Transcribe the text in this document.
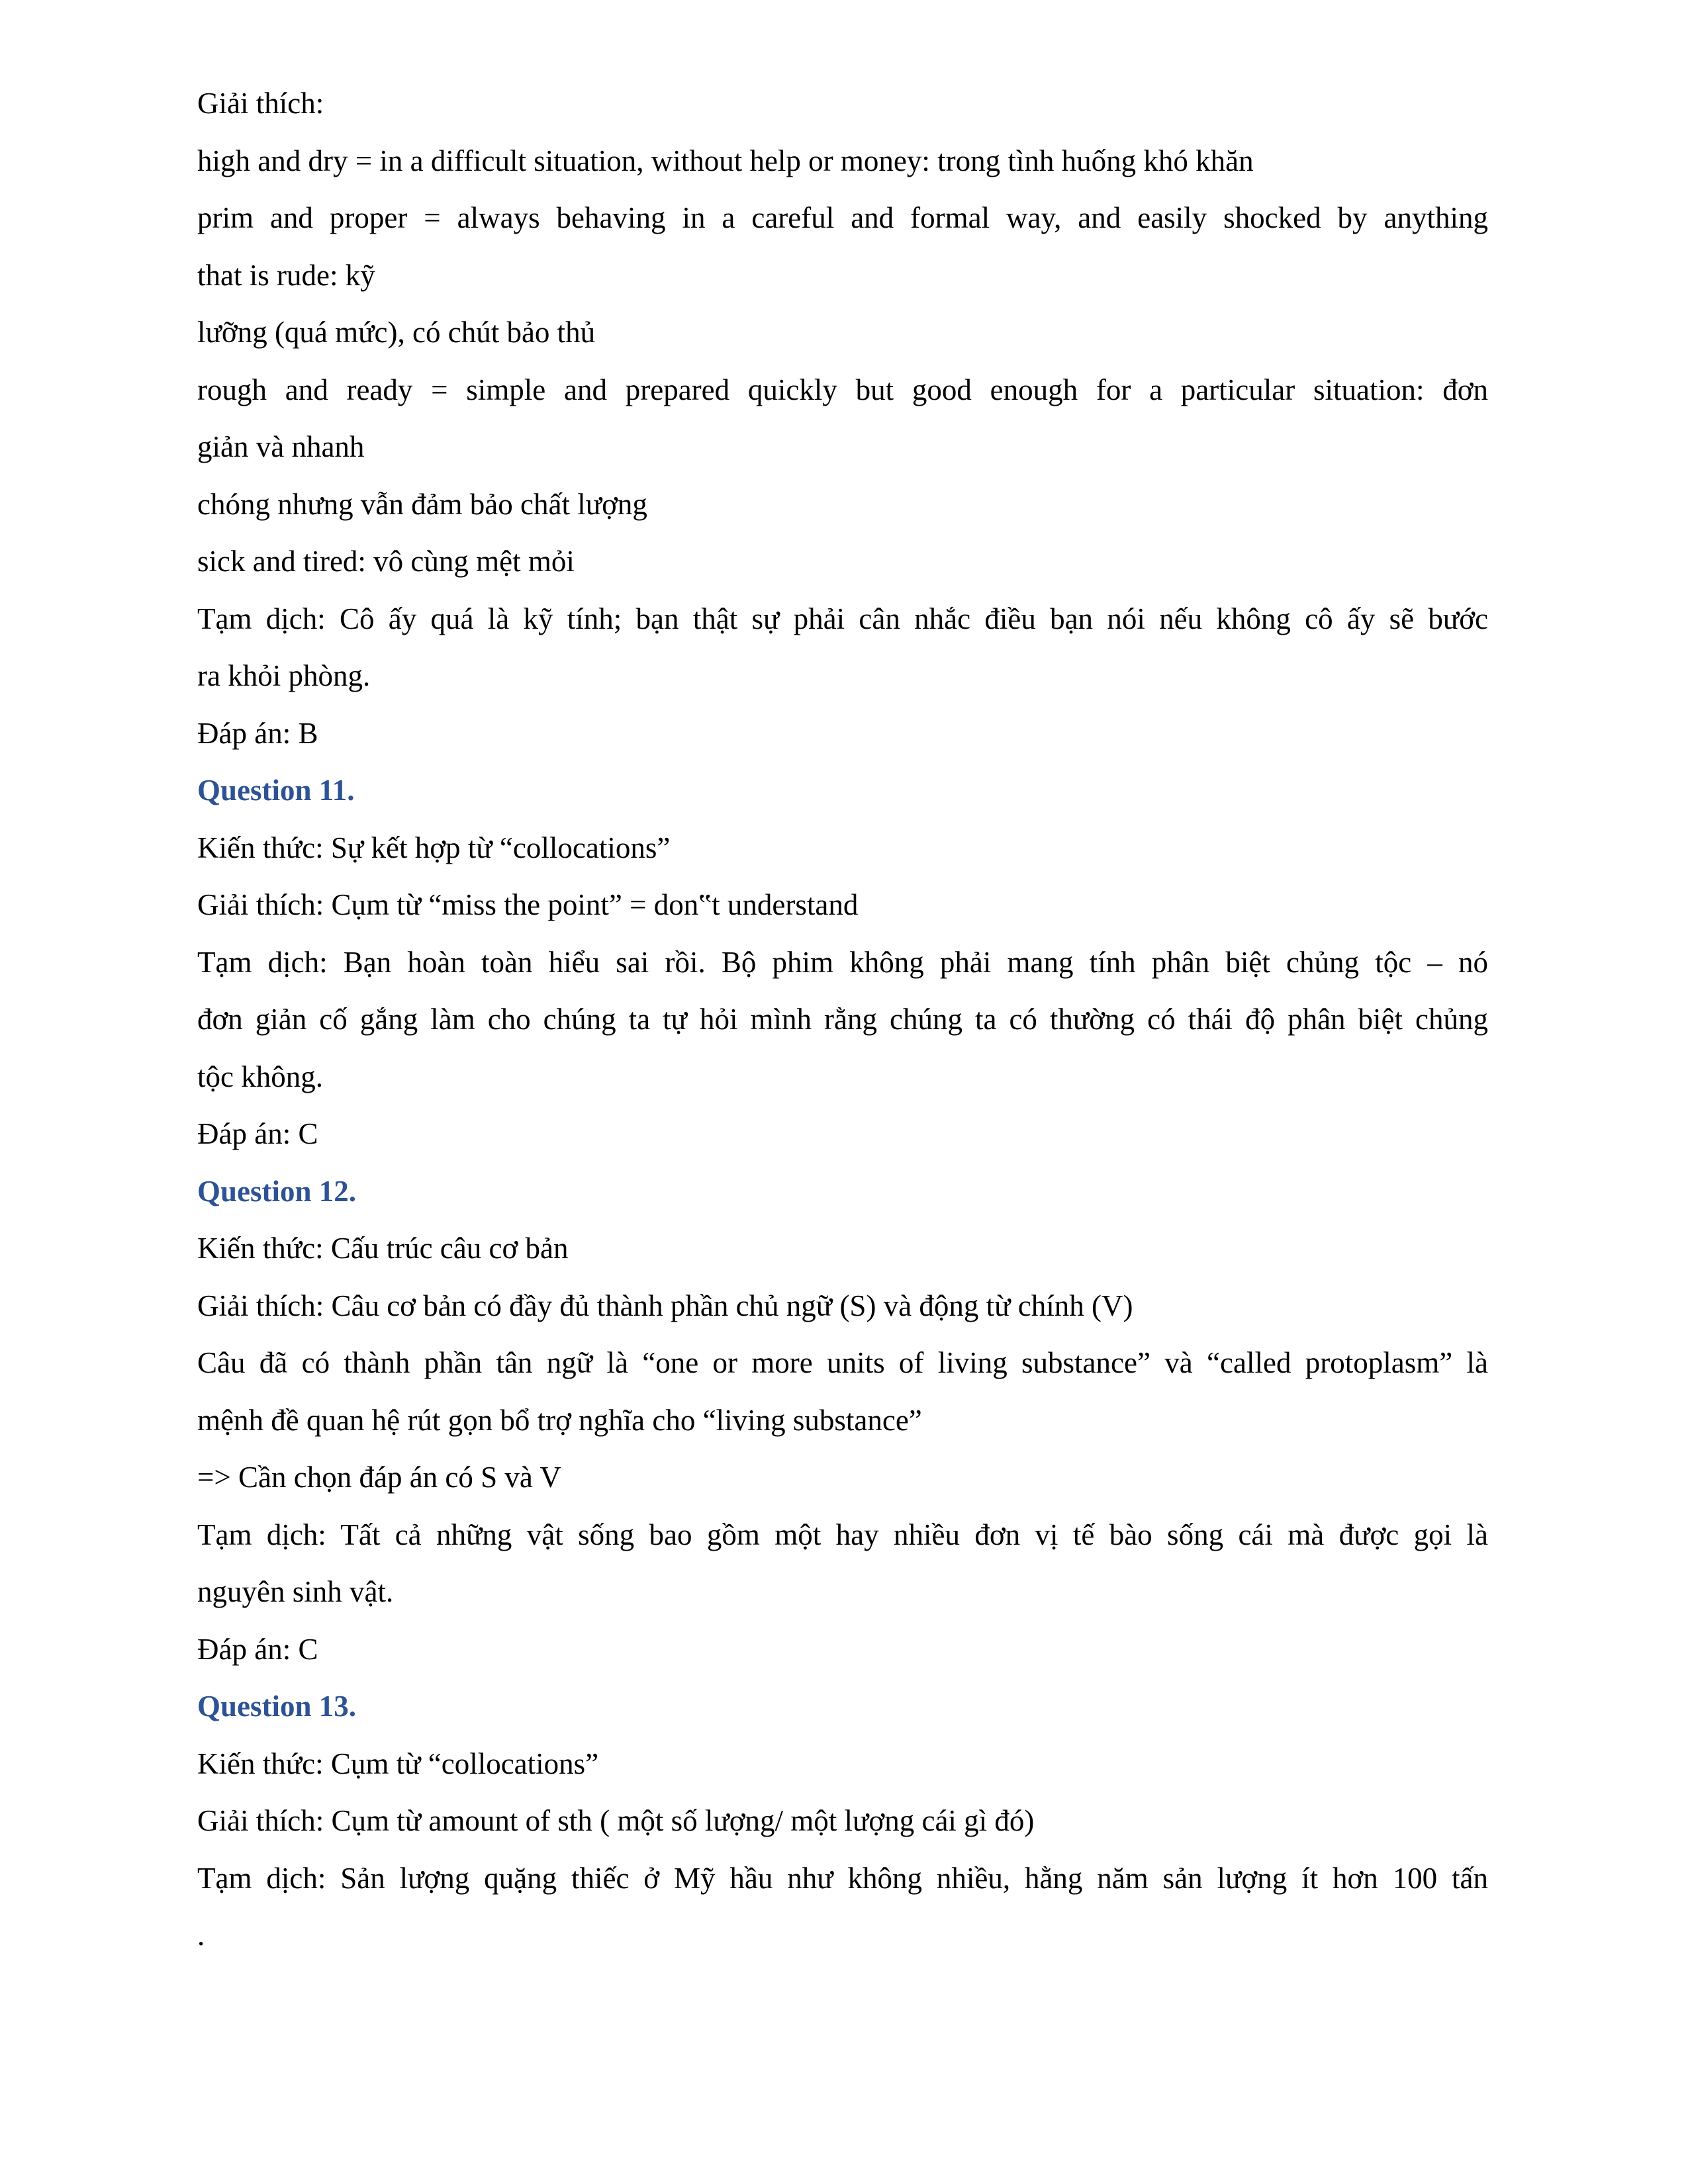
Giải thích:

high and dry = in a difficult situation, without help or money: trong tình huống khó khăn

prim and proper = always behaving in a careful and formal way, and easily shocked by anything

that is rude: kỹ

lưỡng (quá mức), có chút bảo thủ

rough and ready = simple and prepared quickly but good enough for a particular situation: đơn

giản và nhanh

chóng nhưng vẫn đảm bảo chất lượng

sick and tired: vô cùng mệt mỏi

Tạm dịch: Cô ấy quá là kỹ tính; bạn thật sự phải cân nhắc điều bạn nói nếu không cô ấy sẽ bước

ra khỏi phòng.

Đáp án: B

Question 11.

Kiến thức: Sự kết hợp từ “collocations”

Giải thích: Cụm từ “miss the point” = don‟t understand

Tạm dịch: Bạn hoàn toàn hiểu sai rồi. Bộ phim không phải mang tính phân biệt chủng tộc – nó

đơn giản cố gắng làm cho chúng ta tự hỏi mình rằng chúng ta có thường có thái độ phân biệt chủng

tộc không.

Đáp án: C

Question 12.

Kiến thức: Cấu trúc câu cơ bản

Giải thích: Câu cơ bản có đầy đủ thành phần chủ ngữ (S) và động từ chính (V)

Câu đã có thành phần tân ngữ là “one or more units of living substance” và “called protoplasm” là

mệnh đề quan hệ rút gọn bổ trợ nghĩa cho “living substance”

=> Cần chọn đáp án có S và V

Tạm dịch: Tất cả những vật sống bao gồm một hay nhiều đơn vị tế bào sống cái mà được gọi là

nguyên sinh vật.

Đáp án: C

Question 13.

Kiến thức: Cụm từ “collocations”

Giải thích: Cụm từ amount of sth ( một số lượng/ một lượng cái gì đó)

Tạm dịch: Sản lượng quặng thiếc ở Mỹ hầu như không nhiều, hằng năm sản lượng ít hơn 100 tấn

.
